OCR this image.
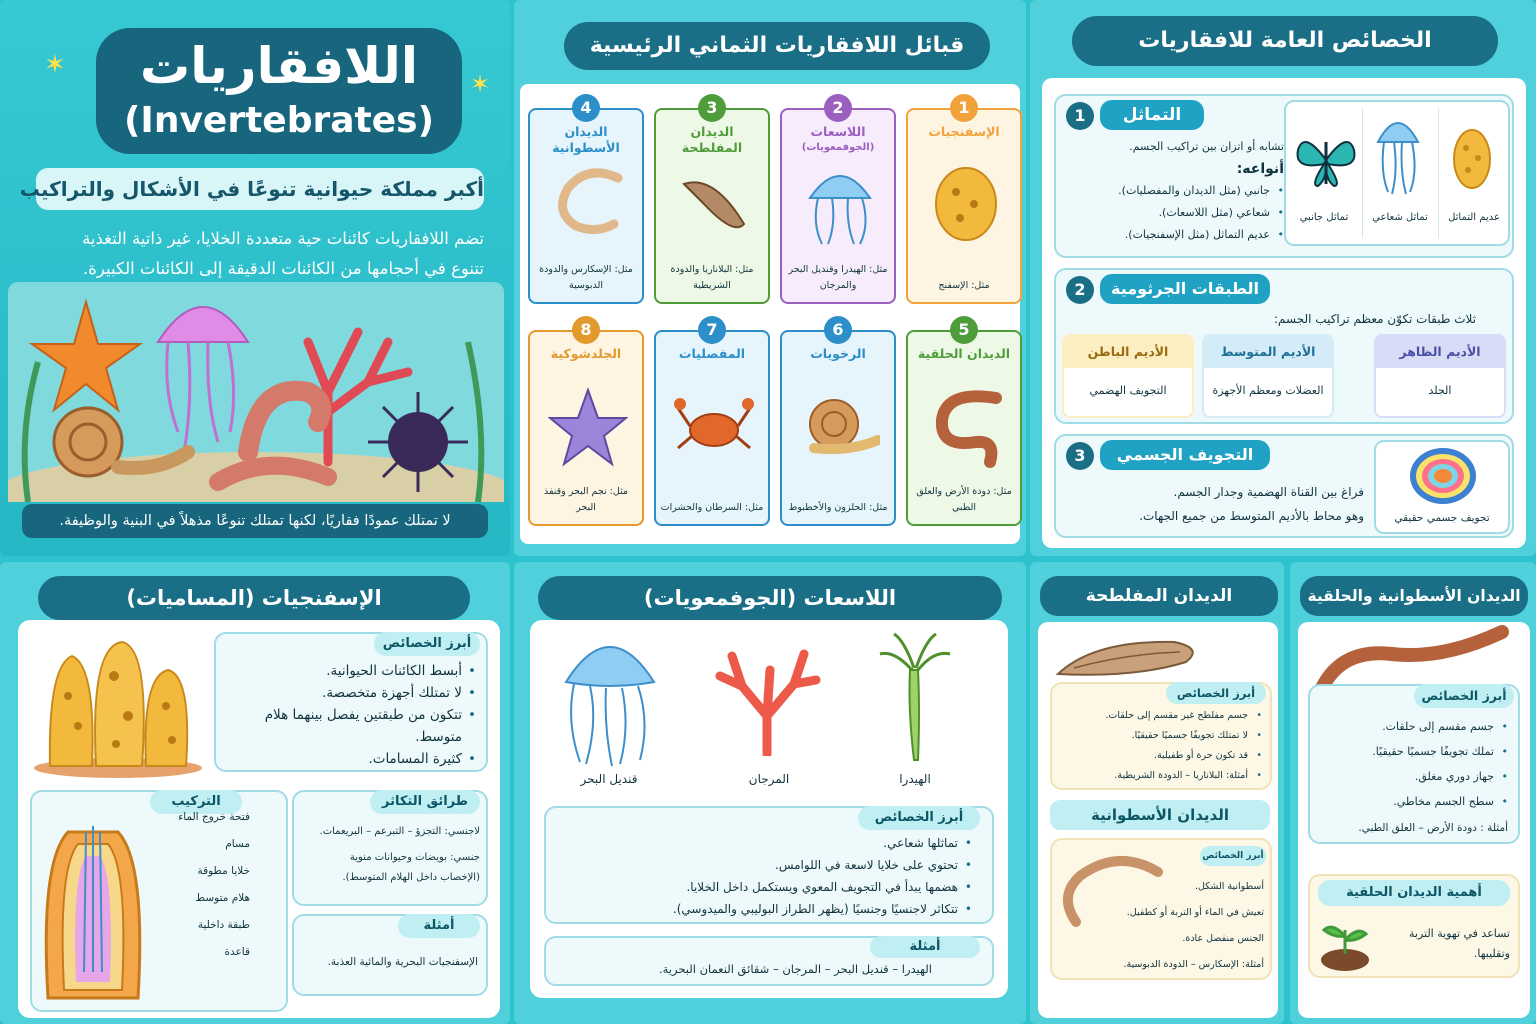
اللافقاريات
(Invertebrates)
✶
✶
أكبر مملكة حيوانية تنوعًا في الأشكال والتراكيب
تضم اللافقاريات كائنات حية متعددة الخلايا، غير ذاتية التغذية
تتنوع في أحجامها من الكائنات الدقيقة إلى الكائنات الكبيرة.
لا تمتلك عمودًا فقاريًا، لكنها تمتلك تنوعًا مذهلاً في البنية والوظيفة.
قبائل اللافقاريات الثماني الرئيسية
الإسفنجيات
مثل: الإسفنج
1
اللاسعات
(الجوفمعويات)
مثل: الهيدرا وقنديل البحر والمرجان
2
الديدان المفلطحة
مثل: البلاناريا والدودة الشريطية
3
الديدان الأسطوانية
مثل: الإسكارس والدودة الدبوسية
4
الديدان الحلقية
مثل: دودة الأرض والعلق الطبي
5
الرخويات
مثل: الحلزون والأخطبوط
6
المفصليات
مثل: السرطان والحشرات
7
الجلدشوكية
مثل: نجم البحر وقنفذ البحر
8
الخصائص العامة للافقاريات
1	التماثل
تشابه أو اتزان بين تراكيب الجسم.
أنواعه:
• جانبي (مثل الديدان والمفصليات).
• شعاعي (مثل اللاسعات).
• عديم التماثل (مثل الإسفنجيات).
تماثل جانبي	تماثل شعاعي	عديم التماثل
2	الطبقات الجرثومية
ثلاث طبقات تكوّن معظم تراكيب الجسم:
الأديم الظاهر
الجلد
الأديم المتوسط
العضلات ومعظم الأجهزة
الأديم الباطن
التجويف الهضمي
3	التجويف الجسمي
فراغ بين القناة الهضمية وجدار الجسم.
وهو محاط بالأديم المتوسط من جميع الجهات.	تجويف جسمي حقيقي
الإسفنجيات (المساميات)
أبرز الخصائص
• أبسط الكائنات الحيوانية.
• لا تمتلك أجهزة متخصصة.
• تتكون من طبقتين يفصل بينهما هلام متوسط.
• كثيرة المسامات.
التركيب
فتحة خروج الماء
مسام
خلايا مطوقة
هلام متوسط
طبقة داخلية
قاعدة
طرائق التكاثر
لاجنسي: التجزؤ – التبرعم – البريعمات.
جنسي: بويضات وحيوانات منوية
(الإخصاب داخل الهلام المتوسط).
أمثلة
الإسفنجيات البحرية والمائية العذبة.
اللاسعات (الجوفمعويات)
قنديل البحر	المرجان	الهيدرا
أبرز الخصائص
• تماثلها شعاعي.
• تحتوي على خلايا لاسعة في اللوامس.
• هضمها يبدأ في التجويف المعوي ويستكمل داخل الخلايا.
• تتكاثر لاجنسيًا وجنسيًا (يظهر الطراز البوليبي والميدوسي).
أمثلة
الهيدرا – قنديل البحر – المرجان – شقائق النعمان البحرية.
الديدان المفلطحة
أبرز الخصائص
• جسم مفلطح غير مقسم إلى حلقات.
• لا تمتلك تجويفًا جسميًا حقيقيًا.
• قد تكون حرة أو طفيلية.
• أمثلة: البلاناريا – الدودة الشريطية.
الديدان الأسطوانية
أبرز الخصائص
أسطوانية الشكل.
تعيش في الماء أو التربة أو كطفيل.
الجنس منفصل عادة.
أمثلة: الإسكارس – الدودة الدبوسية.
الديدان الأسطوانية والحلقية
أبرز الخصائص
• جسم مقسم إلى حلقات.
• تملك تجويفًا جسميًا حقيقيًا.
• جهاز دوري مغلق.
• سطح الجسم مخاطي.
أمثلة : دودة الأرض – العلق الطبي.
أهمية الديدان الحلقية
تساعد في تهوية التربة وتقليبها.
